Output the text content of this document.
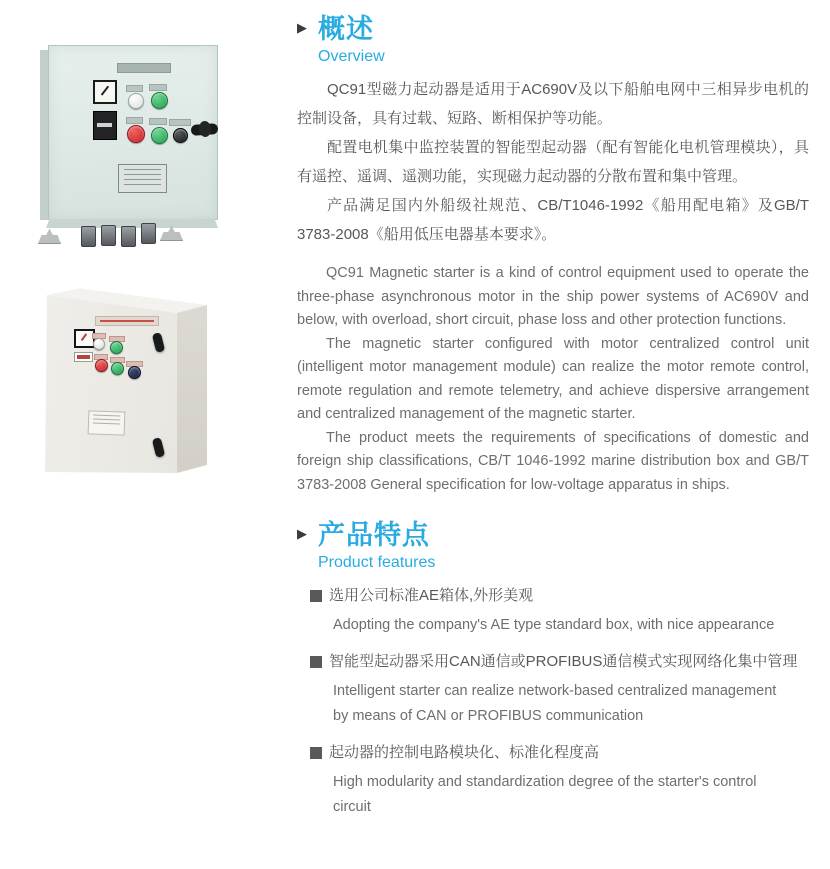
▶ 概述
Overview

QC91型磁力起动器是适用于AC690V及以下船舶电网中三相异步电机的控制设备，具有过载、短路、断相保护等功能。

配置电机集中监控装置的智能型起动器（配有智能化电机管理模块），具有遥控、遥调、遥测功能，实现磁力起动器的分散布置和集中管理。

产品满足国内外船级社规范、CB/T1046-1992《船用配电箱》及GB/T 3783-2008《船用低压电器基本要求》。

QC91 Magnetic starter is a kind of control equipment used to operate the three-phase asynchronous motor in the ship power systems of AC690V and below, with overload, short circuit, phase loss and other protection functions.

The magnetic starter configured with motor centralized control unit (intelligent motor management module) can realize the motor remote control, remote regulation and remote telemetry, and achieve dispersive arrangement and centralized management of the magnetic starter.

The product meets the requirements of specifications of domestic and foreign ship classifications, CB/T 1046-1992 marine distribution box and GB/T 3783-2008 General specification for low-voltage apparatus in ships.

▶ 产品特点
Product features
选用公司标准AE箱体,外形美观

Adopting the company's AE type standard box, with nice appearance

智能型起动器采用CAN通信或PROFIBUS通信模式实现网络化集中管理

Intelligent starter can realize network-based centralized management by means of CAN or PROFIBUS communication

起动器的控制电路模块化、标准化程度高

High modularity and standardization degree of the starter's control circuit
